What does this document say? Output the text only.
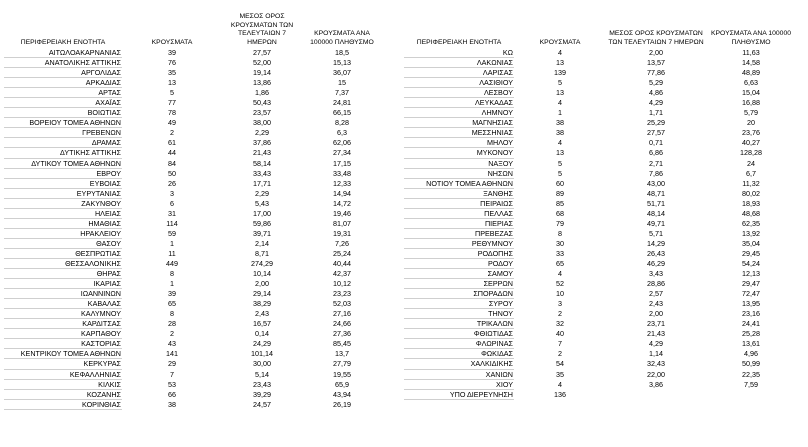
ΠΕΡΙΦΕΡΕΙΑΚΗ ΕΝΟΤΗΤΑ	ΚΡΟΥΣΜΑΤΑ	ΜΕΣΟΣ ΟΡΟΣ ΚΡΟΥΣΜΑΤΩΝ ΤΩΝ ΤΕΛΕΥΤΑΙΩΝ 7 ΗΜΕΡΩΝ	ΚΡΟΥΣΜΑΤΑ ΑΝΑ 100000 ΠΛΗΘΥΣΜΟ
ΑΙΤΩΛΟΑΚΑΡΝΑΝΙΑΣ	39	27,57	18,5
ΑΝΑΤΟΛΙΚΗΣ ΑΤΤΙΚΗΣ	76	52,00	15,13
ΑΡΓΟΛΙΔΑΣ	35	19,14	36,07
ΑΡΚΑΔΙΑΣ	13	13,86	15
ΑΡΤΑΣ	5	1,86	7,37
ΑΧΑΪΑΣ	77	50,43	24,81
ΒΟΙΩΤΙΑΣ	78	23,57	66,15
ΒΟΡΕΙΟΥ ΤΟΜΕΑ ΑΘΗΝΩΝ	49	38,00	8,28
ΓΡΕΒΕΝΩΝ	2	2,29	6,3
ΔΡΑΜΑΣ	61	37,86	62,06
ΔΥΤΙΚΗΣ ΑΤΤΙΚΗΣ	44	21,43	27,34
ΔΥΤΙΚΟΥ ΤΟΜΕΑ ΑΘΗΝΩΝ	84	58,14	17,15
ΕΒΡΟΥ	50	33,43	33,48
ΕΥΒΟΙΑΣ	26	17,71	12,33
ΕΥΡΥΤΑΝΙΑΣ	3	2,29	14,94
ΖΑΚΥΝΘΟΥ	6	5,43	14,72
ΗΛΕΙΑΣ	31	17,00	19,46
ΗΜΑΘΙΑΣ	114	59,86	81,07
ΗΡΑΚΛΕΙΟΥ	59	39,71	19,31
ΘΑΣΟΥ	1	2,14	7,26
ΘΕΣΠΡΩΤΙΑΣ	11	8,71	25,24
ΘΕΣΣΑΛΟΝΙΚΗΣ	449	274,29	40,44
ΘΗΡΑΣ	8	10,14	42,37
ΙΚΑΡΙΑΣ	1	2,00	10,12
ΙΩΑΝΝΙΝΩΝ	39	29,14	23,23
ΚΑΒΑΛΑΣ	65	38,29	52,03
ΚΑΛΥΜΝΟΥ	8	2,43	27,16
ΚΑΡΔΙΤΣΑΣ	28	16,57	24,66
ΚΑΡΠΑΘΟΥ	2	0,14	27,36
ΚΑΣΤΟΡΙΑΣ	43	24,29	85,45
ΚΕΝΤΡΙΚΟΥ ΤΟΜΕΑ ΑΘΗΝΩΝ	141	101,14	13,7
ΚΕΡΚΥΡΑΣ	29	30,00	27,79
ΚΕΦΑΛΛΗΝΙΑΣ	7	5,14	19,55
ΚΙΛΚΙΣ	53	23,43	65,9
ΚΟΖΑΝΗΣ	66	39,29	43,94
ΚΟΡΙΝΘΙΑΣ	38	24,57	26,19
ΠΕΡΙΦΕΡΕΙΑΚΗ ΕΝΟΤΗΤΑ	ΚΡΟΥΣΜΑΤΑ	ΜΕΣΟΣ ΟΡΟΣ ΚΡΟΥΣΜΑΤΩΝ ΤΩΝ ΤΕΛΕΥΤΑΙΩΝ 7 ΗΜΕΡΩΝ	ΚΡΟΥΣΜΑΤΑ ΑΝΑ 100000 ΠΛΗΘΥΣΜΟ
ΚΩ	4	2,00	11,63
ΛΑΚΩΝΙΑΣ	13	13,57	14,58
ΛΑΡΙΣΑΣ	139	77,86	48,89
ΛΑΣΙΘΙΟΥ	5	5,29	6,63
ΛΕΣΒΟΥ	13	4,86	15,04
ΛΕΥΚΑΔΑΣ	4	4,29	16,88
ΛΗΜΝΟΥ	1	1,71	5,79
ΜΑΓΝΗΣΙΑΣ	38	25,29	20
ΜΕΣΣΗΝΙΑΣ	38	27,57	23,76
ΜΗΛΟΥ	4	0,71	40,27
ΜΥΚΟΝΟΥ	13	6,86	128,28
ΝΑΞΟΥ	5	2,71	24
ΝΗΣΩΝ	5	7,86	6,7
ΝΟΤΙΟΥ ΤΟΜΕΑ ΑΘΗΝΩΝ	60	43,00	11,32
ΞΑΝΘΗΣ	89	48,71	80,02
ΠΕΙΡΑΙΩΣ	85	51,71	18,93
ΠΕΛΛΑΣ	68	48,14	48,68
ΠΙΕΡΙΑΣ	79	49,71	62,35
ΠΡΕΒΕΖΑΣ	8	5,71	13,92
ΡΕΘΥΜΝΟΥ	30	14,29	35,04
ΡΟΔΟΠΗΣ	33	26,43	29,45
ΡΟΔΟΥ	65	46,29	54,24
ΣΑΜΟΥ	4	3,43	12,13
ΣΕΡΡΩΝ	52	28,86	29,47
ΣΠΟΡΑΔΩΝ	10	2,57	72,47
ΣΥΡΟΥ	3	2,43	13,95
ΤΗΝΟΥ	2	2,00	23,16
ΤΡΙΚΑΛΩΝ	32	23,71	24,41
ΦΘΙΩΤΙΔΑΣ	40	21,43	25,28
ΦΛΩΡΙΝΑΣ	7	4,29	13,61
ΦΩΚΙΔΑΣ	2	1,14	4,96
ΧΑΛΚΙΔΙΚΗΣ	54	32,43	50,99
ΧΑΝΙΩΝ	35	22,00	22,35
ΧΙΟΥ	4	3,86	7,59
ΥΠΟ ΔΙΕΡΕΥΝΗΣΗ	136		
